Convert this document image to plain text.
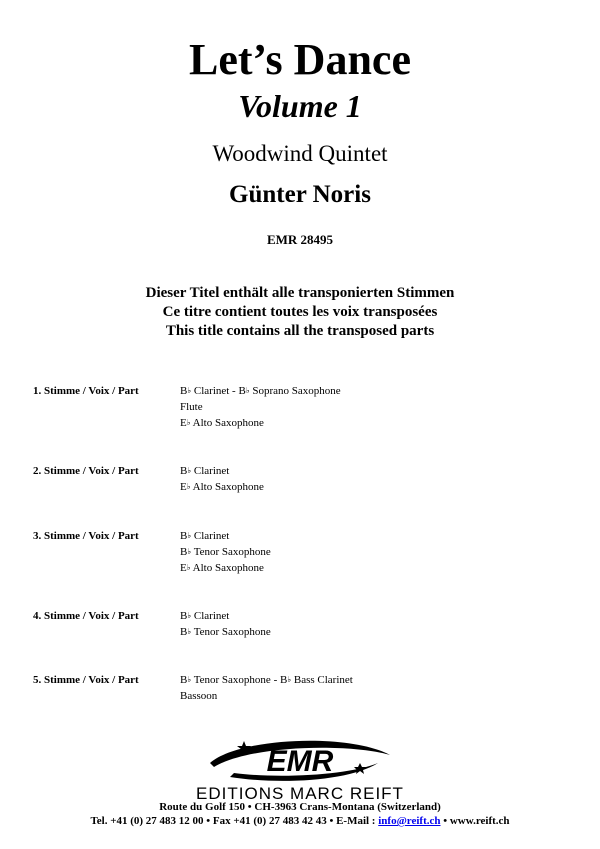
Let’s Dance
Volume 1
Woodwind Quintet
Günter Noris
EMR 28495
Dieser Titel enthält alle transponierten Stimmen
Ce titre contient toutes les voix transposées
This title contains all the transposed parts
1. Stimme / Voix / Part	B♭ Clarinet - B♭ Soprano Saxophone
Flute
E♭ Alto Saxophone
2. Stimme / Voix / Part	B♭ Clarinet
E♭ Alto Saxophone
3. Stimme / Voix / Part	B♭ Clarinet
B♭ Tenor Saxophone
E♭ Alto Saxophone
4. Stimme / Voix / Part	B♭ Clarinet
B♭ Tenor Saxophone
5. Stimme / Voix / Part	B♭ Tenor Saxophone - B♭ Bass Clarinet
Bassoon
EMR
EDITIONS MARC REIFT
Route du Golf 150 • CH-3963 Crans-Montana (Switzerland)
Tel. +41 (0) 27 483 12 00 • Fax +41 (0) 27 483 42 43 • E-Mail : info@reift.ch • www.reift.ch
